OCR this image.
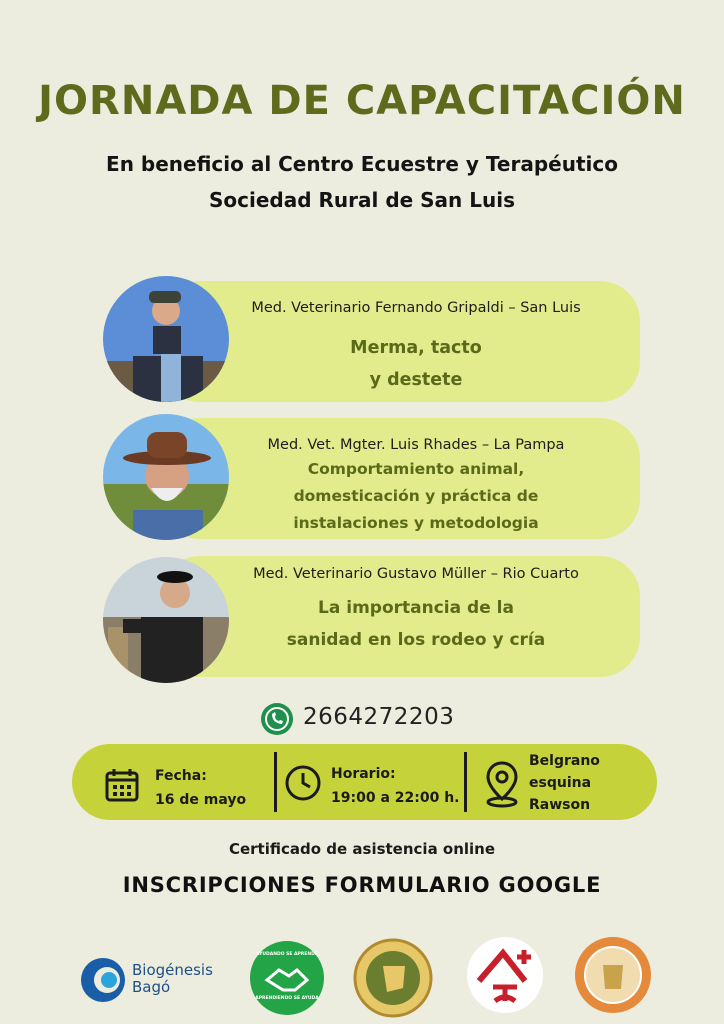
JORNADA DE CAPACITACIÓN
En beneficio al Centro Ecuestre y Terapéutico
Sociedad Rural de San Luis
Med. Veterinario Fernando Gripaldi – San Luis
Merma, tacto
y destete
Med. Vet. Mgter. Luis Rhades – La Pampa
Comportamiento animal,
domesticación y práctica de
instalaciones y metodologia
Med. Veterinario Gustavo Müller – Rio Cuarto
La importancia de la
sanidad en los rodeo y cría
2664272203
Fecha:
16 de mayo
Horario:
19:00 a 22:00 h.
Belgrano
esquina
Rawson
Certificado de asistencia online
INSCRIPCIONES FORMULARIO GOOGLE
Biogénesis
Bagó
AYUDANDO SE APRENDE
APRENDIENDO SE AYUDA
